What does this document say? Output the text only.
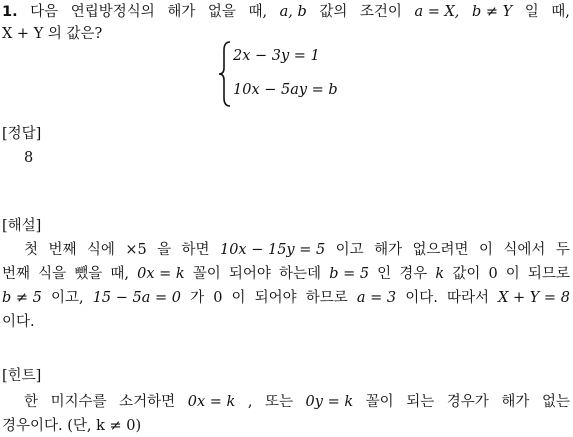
1. 다음 연립방정식의 해가 없을 때, a, b 값의 조건이 a = X, b ≠ Y 일 때,
X + Y 의 값은?
2x − 3y = 1
10x − 5ay = b
[정답]
8
[해설]
첫 번째 식에 ×5 을 하면 10x − 15y = 5 이고 해가 없으려면 이 식에서 두
번째 식을 뺐을 때, 0x = k 꼴이 되어야 하는데 b = 5 인 경우 k 값이 0 이 되므로
b ≠ 5 이고, 15 − 5a = 0 가 0 이 되어야 하므로 a = 3 이다. 따라서 X + Y = 8
이다.
[힌트]
한 미지수를 소거하면 0x = k , 또는 0y = k 꼴이 되는 경우가 해가 없는
경우이다. (단, k ≠ 0)
